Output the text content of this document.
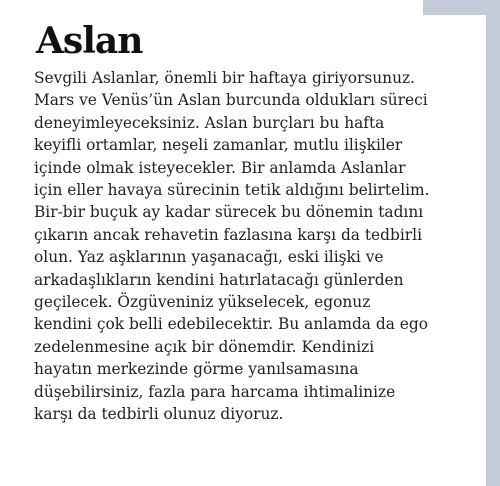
Aslan
Sevgili Aslanlar, önemli bir haftaya giriyorsunuz.
Mars ve Venüs’ün Aslan burcunda oldukları süreci
deneyimleyeceksiniz. Aslan burçları bu hafta
keyifli ortamlar, neşeli zamanlar, mutlu ilişkiler
içinde olmak isteyecekler. Bir anlamda Aslanlar
için eller havaya sürecinin tetik aldığını belirtelim.
Bir-bir buçuk ay kadar sürecek bu dönemin tadını
çıkarın ancak rehavetin fazlasına karşı da tedbirli
olun. Yaz aşklarının yaşanacağı, eski ilişki ve
arkadaşlıkların kendini hatırlatacağı günlerden
geçilecek. Özgüveniniz yükselecek, egonuz
kendini çok belli edebilecektir. Bu anlamda da ego
zedelenmesine açık bir dönemdir. Kendinizi
hayatın merkezinde görme yanılsamasına
düşebilirsiniz, fazla para harcama ihtimalinize
karşı da tedbirli olunuz diyoruz.
